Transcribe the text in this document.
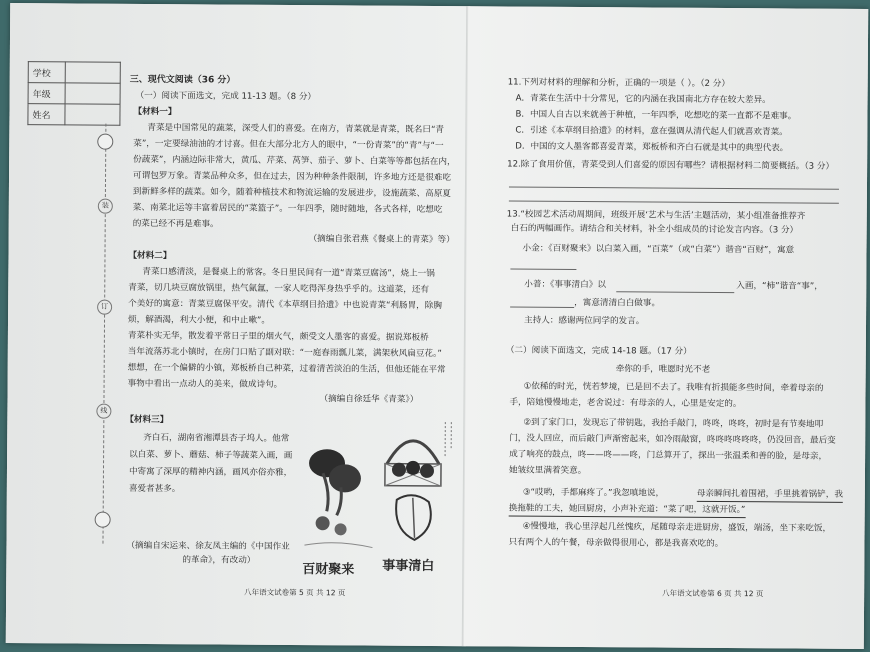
学校	
年级	
姓名	
装
订
线
三、现代文阅读（36 分）
（一）阅读下面选文，完成 11-13 题。（8 分）
【材料一】
青菜是中国常见的蔬菜，深受人们的喜爱。在南方，青菜就是青菜，既名曰“青
菜”，一定要绿油油的才讨喜。但在大部分北方人的眼中，“一份青菜”的“青”与“一
份蔬菜”，内涵边际非常大，黄瓜、芹菜、莴笋、茄子、萝卜、白菜等等都包括在内，
可谓包罗万象。青菜品种众多，但在过去，因为种种条件限制，许多地方还是很难吃
到新鲜多样的蔬菜。如今，随着种植技术和物流运输的发展进步，设施蔬菜、高原夏
菜、南菜北运等丰富着居民的“菜篮子”。一年四季，随时随地，各式各样，吃想吃
的菜已经不再是难事。
（摘编自张君燕《餐桌上的青菜》等）
【材料二】
青菜口感清淡，是餐桌上的常客。冬日里民间有一道“青菜豆腐汤”，烧上一锅
青菜，切几块豆腐放锅里，热气氤氲，一家人吃得浑身热乎乎的。这道菜，还有
个美好的寓意：青菜豆腐保平安。清代《本草纲目拾遗》中也说青菜“利肠胃，除胸
烦，解酒渴，利大小便，和中止嗽”。
青菜朴实无华，散发着平常日子里的烟火气，颇受文人墨客的喜爱。据说郑板桥
当年流落苏北小镇时，在房门口贴了副对联：“一庭春雨瓢儿菜，满架秋风扁豆花。”
想想，在一个偏僻的小镇，郑板桥自己种菜，过着清苦淡泊的生活，但他还能在平常
事物中看出一点动人的美来，做成诗句。
（摘编自徐廷华《青菜》）
【材料三】
齐白石，湖南省湘潭县杏子坞人。他常
以白菜、萝卜、蘑菇、柿子等蔬菜入画，画
中寄寓了深厚的精神内涵，画风亦俗亦雅，
喜爱者甚多。
（摘编自宋运来、徐友凤主编的《中国作业
的革命》，有改动）
百财聚来 事事清白
八年语文试卷第 5 页 共 12 页
11.下列对材料的理解和分析，正确的一项是（ ）。（2 分）
A．青菜在生活中十分常见，它的内涵在我国南北方存在较大差异。
B．中国人自古以来就善于种植，一年四季，吃想吃的菜一直都不是难事。
C．引述《本草纲目拾遗》的材料，意在强调从清代起人们就喜欢青菜。
D．中国的文人墨客都喜爱青菜，郑板桥和齐白石就是其中的典型代表。
12.除了食用价值，青菜受到人们喜爱的原因有哪些？请根据材料二简要概括。（3 分）
13.“校园艺术活动周期间，班级开展‘艺术与生活’主题活动，某小组准备推荐齐
白石的两幅画作。请结合和关材料，补全小组成员的讨论发言内容。（3 分）
小金：《百财聚来》以白菜入画，“百菜”（或“白菜”）谐音“百财”，寓意
小普：《事事清白》以	入画，“柿”谐音“事”，
，寓意清清白白做事。
主持人：感谢两位同学的发言。
（二）阅读下面选文，完成 14-18 题。（17 分）
牵你的手，唯愿时光不老
①依稀的时光，恍若梦境，已是回不去了。我唯有折损能多些时间，牵着母亲的
手，陪她慢慢地走，老舍说过：有母亲的人，心里是安定的。
②到了家门口，发现忘了带钥匙，我抬手敲门，咚咚，咚咚，初时是有节奏地叩
门，没人回应，而后敲门声渐密起来，如冷雨敲窗，咚咚咚咚咚咚，仍没回音，最后变
成了响亮的鼓点，咚——咚——咚，门总算开了，探出一张温柔和善的脸，是母亲，
她皱纹里满着笑意。
③“哎哟，手都麻疼了。”我忽嗔地说，	母亲瞬间扎着围裙，手里挑着锅铲，我
换拖鞋的工夫，她回厨房，小声补充道：“菜了吧，这就开饭。”
④慢慢地，我心里浮起几丝愧疚，尾随母亲走进厨房，盛饭，端汤，坐下来吃饭，
只有两个人的午餐，母亲做得很用心，都是我喜欢吃的。
八年语文试卷第 6 页 共 12 页
